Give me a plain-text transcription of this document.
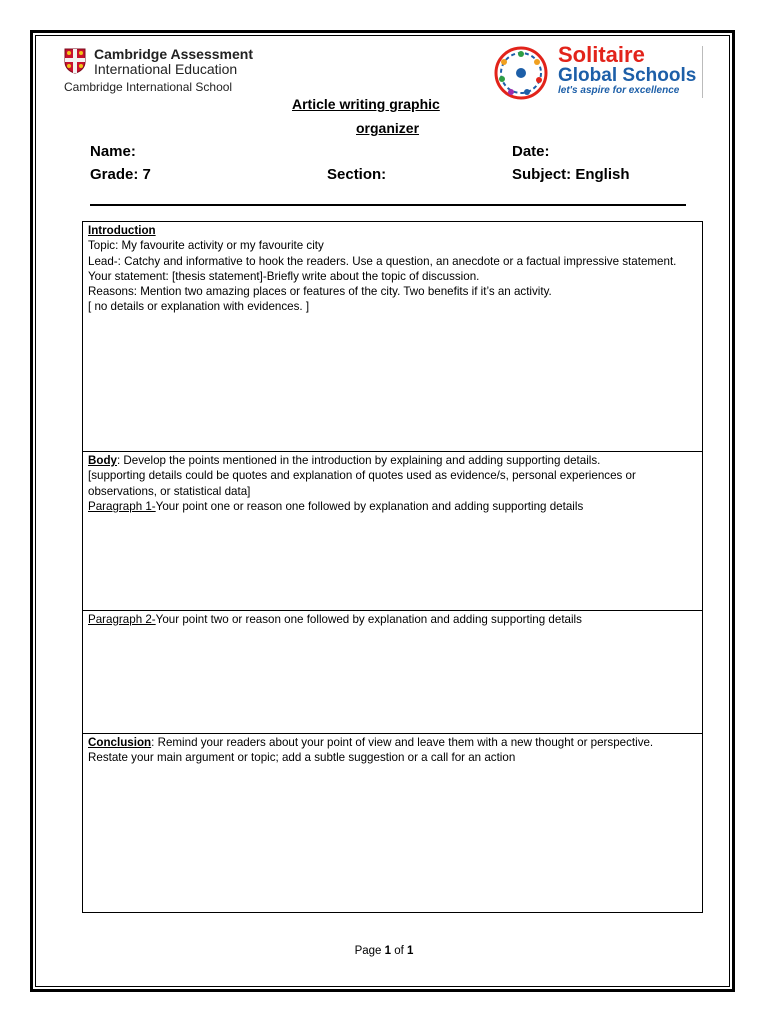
Cambridge Assessment
International Education
Cambridge International School
Solitaire
Global Schools
let's aspire for excellence
Article writing graphic
organizer
Name:	Date:
Grade: 7	Section:	Subject: English

Introduction

Topic: My favourite activity or my favourite city

Lead-: Catchy and informative to hook the readers. Use a question, an anecdote or a factual impressive statement.

Your statement: [thesis statement]-Briefly write about the topic of discussion.

Reasons: Mention two amazing places or features of the city. Two benefits if it’s an activity.

[ no details or explanation with evidences. ]

Body: Develop the points mentioned in the introduction by explaining and adding supporting details.

[supporting details could be quotes and explanation of quotes used as evidence/s, personal experiences or observations, or statistical data]

Paragraph 1-Your point one or reason one followed by explanation and adding supporting details

Paragraph 2-Your point two or reason one followed by explanation and adding supporting details

Conclusion: Remind your readers about your point of view and leave them with a new thought or perspective.

Restate your main argument or topic; add a subtle suggestion or a call for an action

Page 1 of 1
